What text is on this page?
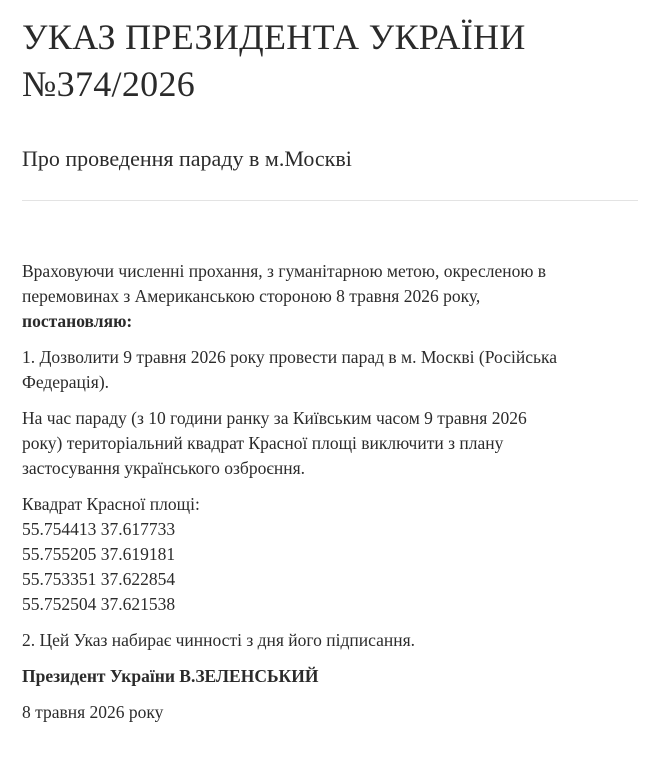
УКАЗ ПРЕЗИДЕНТА УКРАЇНИ
№374/2026
Про проведення параду в м.Москві

Враховуючи численні прохання, з гуманітарною метою, окресленою в
перемовинах з Американською стороною 8 травня 2026 року,
постановляю:

1. Дозволити 9 травня 2026 року провести парад в м. Москві (Російська
Федерація).

На час параду (з 10 години ранку за Київським часом 9 травня 2026
року) територіальний квадрат Красної площі виключити з плану
застосування українського озброєння.

Квадрат Красної площі:
55.754413 37.617733
55.755205 37.619181
55.753351 37.622854
55.752504 37.621538

2. Цей Указ набирає чинності з дня його підписання.

Президент України В.ЗЕЛЕНСЬКИЙ

8 травня 2026 року
